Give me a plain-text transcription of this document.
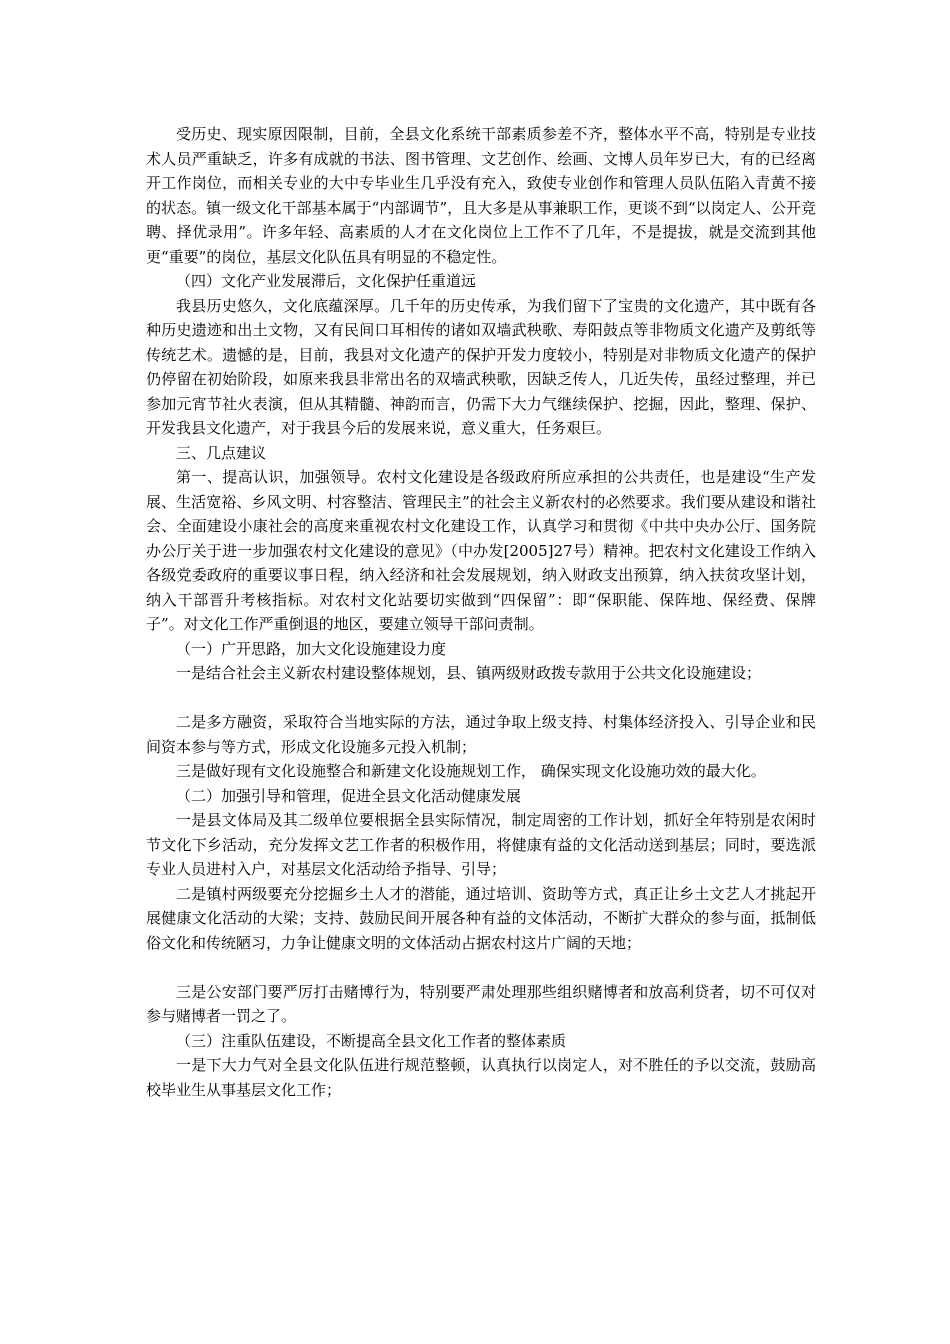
受历史、现实原因限制，目前，全县文化系统干部素质参差不齐，整体水平不高，特别是专业技术人员严重缺乏，许多有成就的书法、图书管理、文艺创作、绘画、文博人员年岁已大，有的已经离开工作岗位，而相关专业的大中专毕业生几乎没有充入，致使专业创作和管理人员队伍陷入青黄不接的状态。镇一级文化干部基本属于“内部调节”，且大多是从事兼职工作，更谈不到“以岗定人、公开竞聘、择优录用”。许多年轻、高素质的人才在文化岗位上工作不了几年，不是提拔，就是交流到其他更“重要”的岗位，基层文化队伍具有明显的不稳定性。

（四）文化产业发展滞后，文化保护任重道远

我县历史悠久，文化底蕴深厚。几千年的历史传承，为我们留下了宝贵的文化遗产，其中既有各种历史遗迹和出土文物，又有民间口耳相传的诸如双墙武秧歌、寿阳鼓点等非物质文化遗产及剪纸等传统艺术。遗憾的是，目前，我县对文化遗产的保护开发力度较小，特别是对非物质文化遗产的保护仍停留在初始阶段，如原来我县非常出名的双墙武秧歌，因缺乏传人，几近失传，虽经过整理，并已参加元宵节社火表演，但从其精髓、神韵而言，仍需下大力气继续保护、挖掘，因此，整理、保护、开发我县文化遗产，对于我县今后的发展来说，意义重大，任务艰巨。

三、几点建议

第一、提高认识，加强领导。农村文化建设是各级政府所应承担的公共责任，也是建设“生产发展、生活宽裕、乡风文明、村容整洁、管理民主”的社会主义新农村的必然要求。我们要从建设和谐社会、全面建设小康社会的高度来重视农村文化建设工作，认真学习和贯彻《中共中央办公厅、国务院办公厅关于进一步加强农村文化建设的意见》（中办发[2005]27号）精神。把农村文化建设工作纳入各级党委政府的重要议事日程，纳入经济和社会发展规划，纳入财政支出预算，纳入扶贫攻坚计划，纳入干部晋升考核指标。对农村文化站要切实做到“四保留”：即“保职能、保阵地、保经费、保牌子”。对文化工作严重倒退的地区，要建立领导干部问责制。

（一）广开思路，加大文化设施建设力度

一是结合社会主义新农村建设整体规划，县、镇两级财政拨专款用于公共文化设施建设；

二是多方融资，采取符合当地实际的方法，通过争取上级支持、村集体经济投入、引导企业和民间资本参与等方式，形成文化设施多元投入机制；

三是做好现有文化设施整合和新建文化设施规划工作， 确保实现文化设施功效的最大化。

（二）加强引导和管理，促进全县文化活动健康发展

一是县文体局及其二级单位要根据全县实际情况，制定周密的工作计划，抓好全年特别是农闲时节文化下乡活动，充分发挥文艺工作者的积极作用，将健康有益的文化活动送到基层；同时，要选派专业人员进村入户，对基层文化活动给予指导、引导；

二是镇村两级要充分挖掘乡土人才的潜能，通过培训、资助等方式，真正让乡土文艺人才挑起开展健康文化活动的大梁；支持、鼓励民间开展各种有益的文体活动，不断扩大群众的参与面，抵制低俗文化和传统陋习，力争让健康文明的文体活动占据农村这片广阔的天地；

三是公安部门要严厉打击赌博行为，特别要严肃处理那些组织赌博者和放高利贷者，切不可仅对参与赌博者一罚之了。

（三）注重队伍建设，不断提高全县文化工作者的整体素质

一是下大力气对全县文化队伍进行规范整顿，认真执行以岗定人，对不胜任的予以交流，鼓励高校毕业生从事基层文化工作；
